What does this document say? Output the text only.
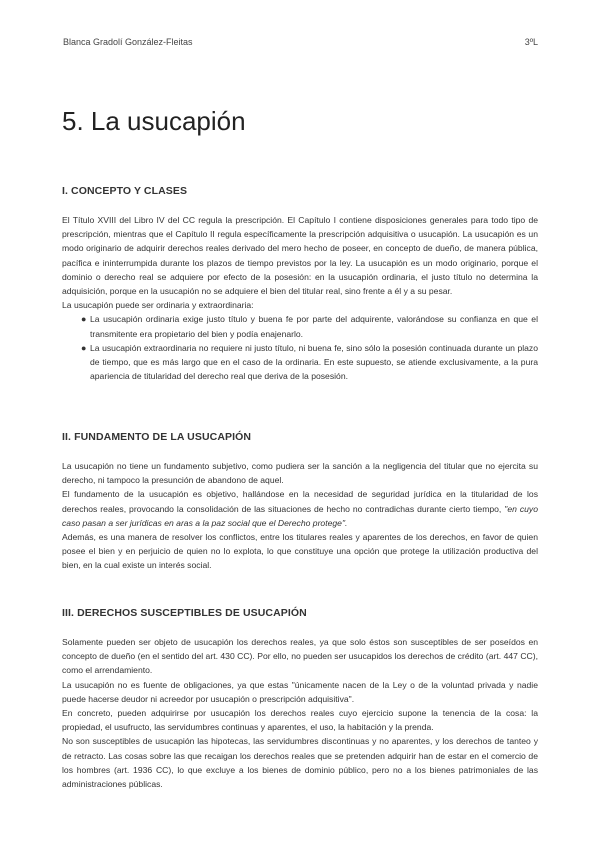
Blanca Gradolí González-Fleitas	3ºL
5. La usucapión
I. CONCEPTO Y CLASES

El Título XVIII del Libro IV del CC regula la prescripción. El Capítulo I contiene disposiciones generales para todo tipo de prescripción, mientras que el Capítulo II regula específicamente la prescripción adquisitiva o usucapión. La usucapión es un modo originario de adquirir derechos reales derivado del mero hecho de poseer, en concepto de dueño, de manera pública, pacífica e ininterrumpida durante los plazos de tiempo previstos por la ley. La usucapión es un modo originario, porque el dominio o derecho real se adquiere por efecto de la posesión: en la usucapión ordinaria, el justo título no determina la adquisición, porque en la usucapión no se adquiere el bien del titular real, sino frente a él y a su pesar.

La usucapión puede ser ordinaria y extraordinaria:

● La usucapión ordinaria exige justo título y buena fe por parte del adquirente, valorándose su confianza en que el transmitente era propietario del bien y podía enajenarlo.
● La usucapión extraordinaria no requiere ni justo título, ni buena fe, sino sólo la posesión continuada durante un plazo de tiempo, que es más largo que en el caso de la ordinaria. En este supuesto, se atiende exclusivamente, a la pura apariencia de titularidad del derecho real que deriva de la posesión.
II. FUNDAMENTO DE LA USUCAPIÓN

La usucapión no tiene un fundamento subjetivo, como pudiera ser la sanción a la negligencia del titular que no ejercita su derecho, ni tampoco la presunción de abandono de aquel.

El fundamento de la usucapión es objetivo, hallándose en la necesidad de seguridad jurídica en la titularidad de los derechos reales, provocando la consolidación de las situaciones de hecho no contradichas durante cierto tiempo, "en cuyo caso pasan a ser jurídicas en aras a la paz social que el Derecho protege".

Además, es una manera de resolver los conflictos, entre los titulares reales y aparentes de los derechos, en favor de quien posee el bien y en perjuicio de quien no lo explota, lo que constituye una opción que protege la utilización productiva del bien, en la cual existe un interés social.

III. DERECHOS SUSCEPTIBLES DE USUCAPIÓN

Solamente pueden ser objeto de usucapión los derechos reales, ya que solo éstos son susceptibles de ser poseídos en concepto de dueño (en el sentido del art. 430 CC). Por ello, no pueden ser usucapidos los derechos de crédito (art. 447 CC), como el arrendamiento.

La usucapión no es fuente de obligaciones, ya que estas "únicamente nacen de la Ley o de la voluntad privada y nadie puede hacerse deudor ni acreedor por usucapión o prescripción adquisitiva".

En concreto, pueden adquirirse por usucapión los derechos reales cuyo ejercicio supone la tenencia de la cosa: la propiedad, el usufructo, las servidumbres continuas y aparentes, el uso, la habitación y la prenda.

No son susceptibles de usucapión las hipotecas, las servidumbres discontinuas y no aparentes, y los derechos de tanteo y de retracto. Las cosas sobre las que recaigan los derechos reales que se pretenden adquirir han de estar en el comercio de los hombres (art. 1936 CC), lo que excluye a los bienes de dominio público, pero no a los bienes patrimoniales de las administraciones públicas.
